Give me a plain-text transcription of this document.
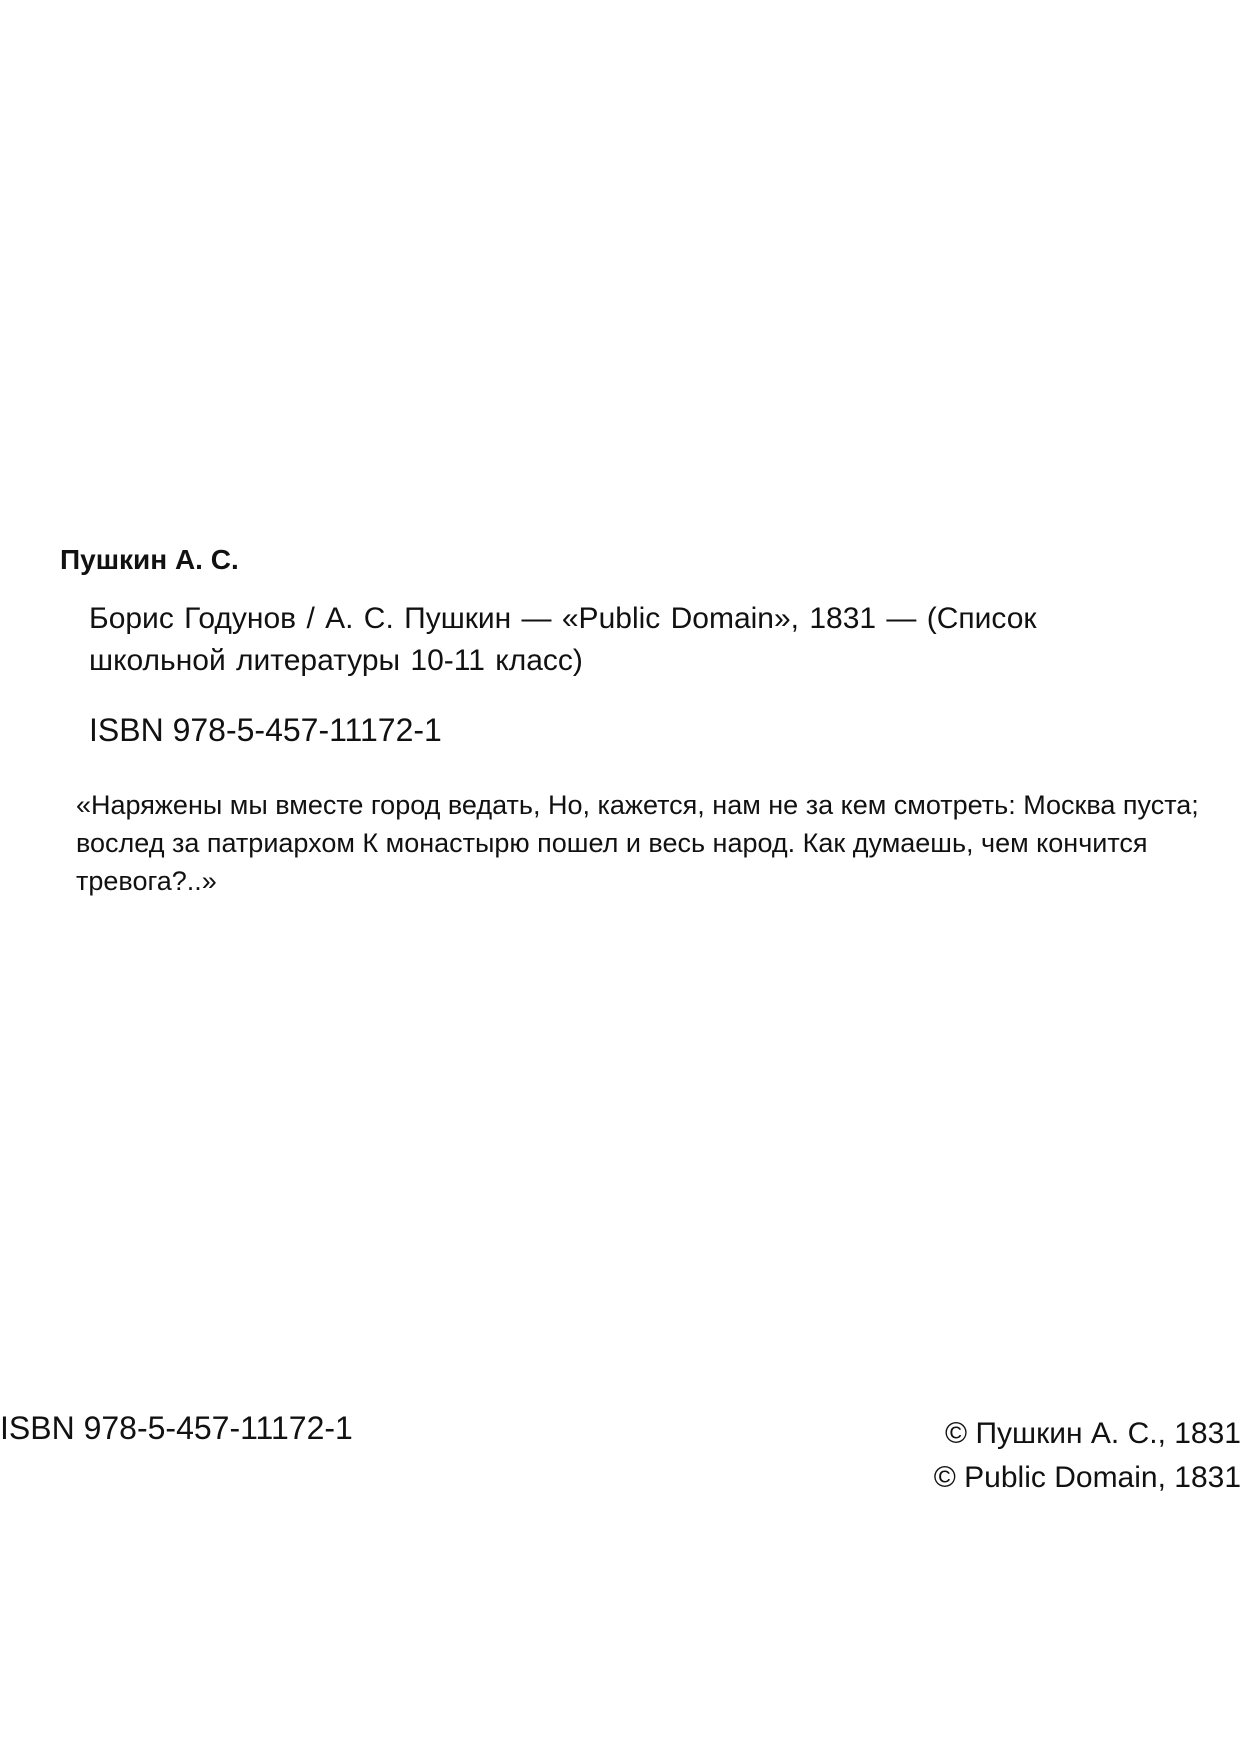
Пушкин А. С.

Борис Годунов / А. С. Пушкин — «Public Domain», 1831 — (Список школьной литературы 10-11 класс)

ISBN 978-5-457-11172-1

«Наряжены мы вместе город ведать, Но, кажется, нам не за кем смотреть: Москва пуста; вослед за патриархом К монастырю пошел и весь народ. Как думаешь, чем кончится тревога?..»

ISBN 978-5-457-11172-1	© Пушкин А. С., 1831
© Public Domain, 1831
